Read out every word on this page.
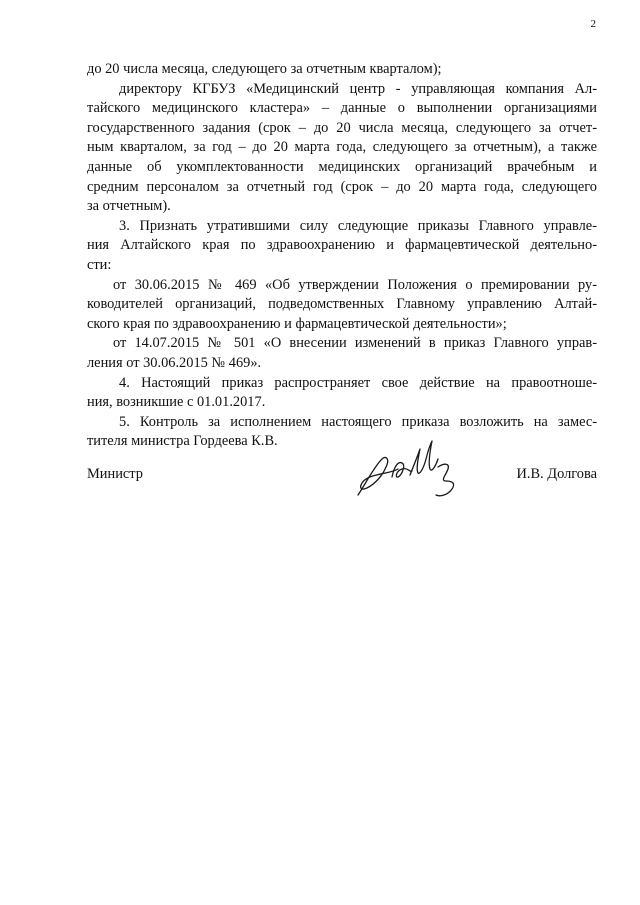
2
до 20 числа месяца, следующего за отчетным кварталом);
директору КГБУЗ «Медицинский центр - управляющая компания Ал-
тайского медицинского кластера» – данные о выполнении организациями
государственного задания (срок – до 20 числа месяца, следующего за отчет-
ным кварталом, за год – до 20 марта года, следующего за отчетным), а также
данные об укомплектованности медицинских организаций врачебным и
средним персоналом за отчетный год (срок – до 20 марта года, следующего
за отчетным).
3. Признать утратившими силу следующие приказы Главного управле-
ния Алтайского края по здравоохранению и фармацевтической деятельно-
сти:
от 30.06.2015 № 469 «Об утверждении Положения о премировании ру-
ководителей организаций, подведомственных Главному управлению Алтай-
ского края по здравоохранению и фармацевтической деятельности»;
от 14.07.2015 № 501 «О внесении изменений в приказ Главного управ-
ления от 30.06.2015 № 469».
4. Настоящий приказ распространяет свое действие на правоотноше-
ния, возникшие с 01.01.2017.
5. Контроль за исполнением настоящего приказа возложить на замес-
тителя министра Гордеева К.В.
Министр	И.В. Долгова
